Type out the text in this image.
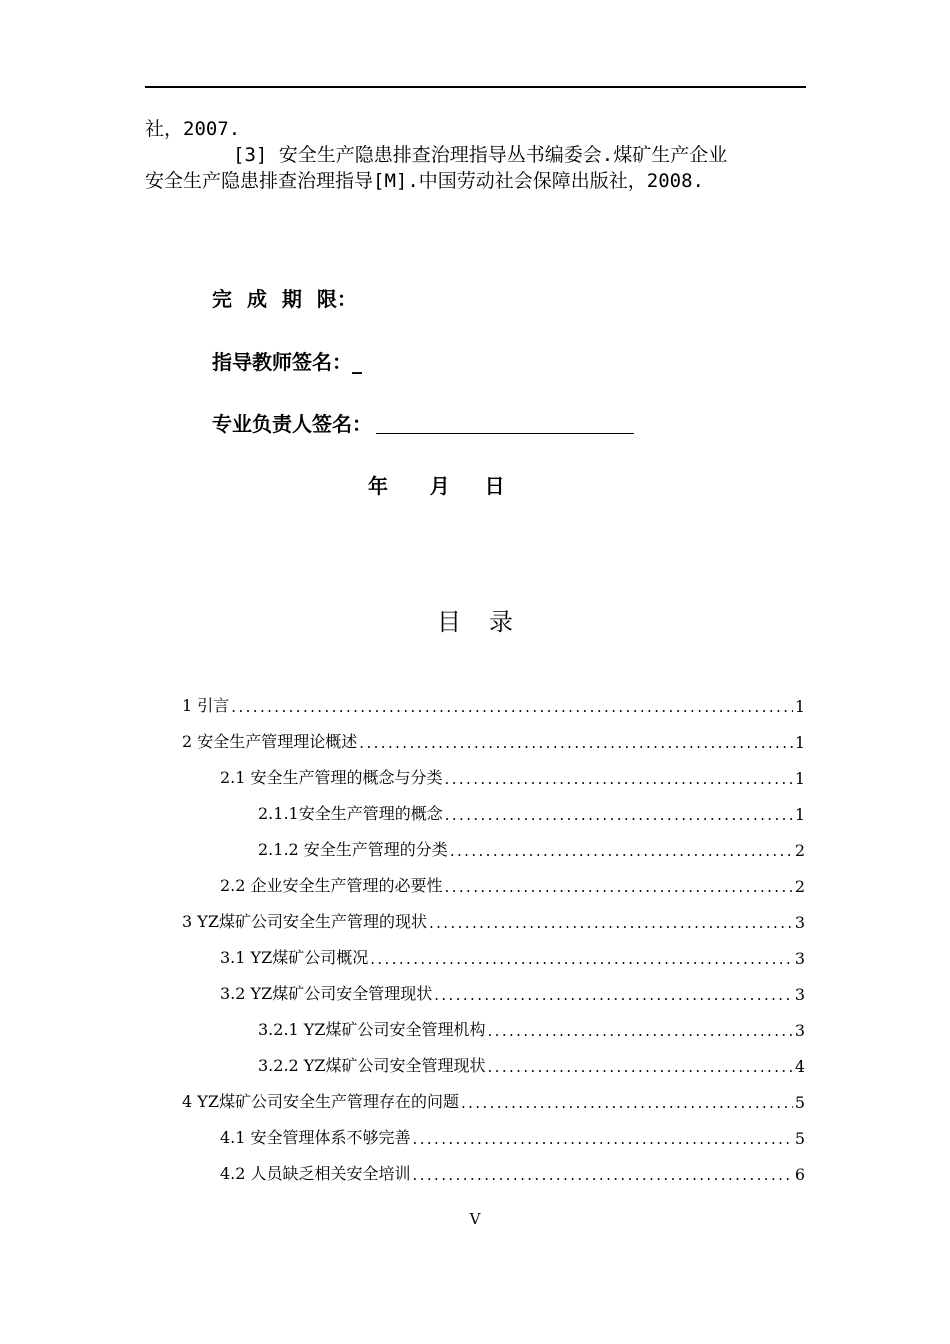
社，2007.
[3] 安全生产隐患排查治理指导丛书编委会.煤矿生产企业
安全生产隐患排查治理指导[M].中国劳动社会保障出版社，2008.
完 成 期 限：
指导教师签名：_
专业负责人签名：
年 月 日
目录
1 引言 .....	1
2 安全生产管理理论概述 .....	1
2.1 安全生产管理的概念与分类 .....	1
2.1.1安全生产管理的概念 .....	1
2.1.2 安全生产管理的分类 .....	2
2.2 企业安全生产管理的必要性 .....	2
3 YZ煤矿公司安全生产管理的现状 .....	3
3.1 YZ煤矿公司概况 .....	3
3.2 YZ煤矿公司安全管理现状 .....	3
3.2.1 YZ煤矿公司安全管理机构 .....	3
3.2.2 YZ煤矿公司安全管理现状 .....	4
4 YZ煤矿公司安全生产管理存在的问题 .....	5
4.1 安全管理体系不够完善 .....	5
4.2 人员缺乏相关安全培训 .....	6
V
